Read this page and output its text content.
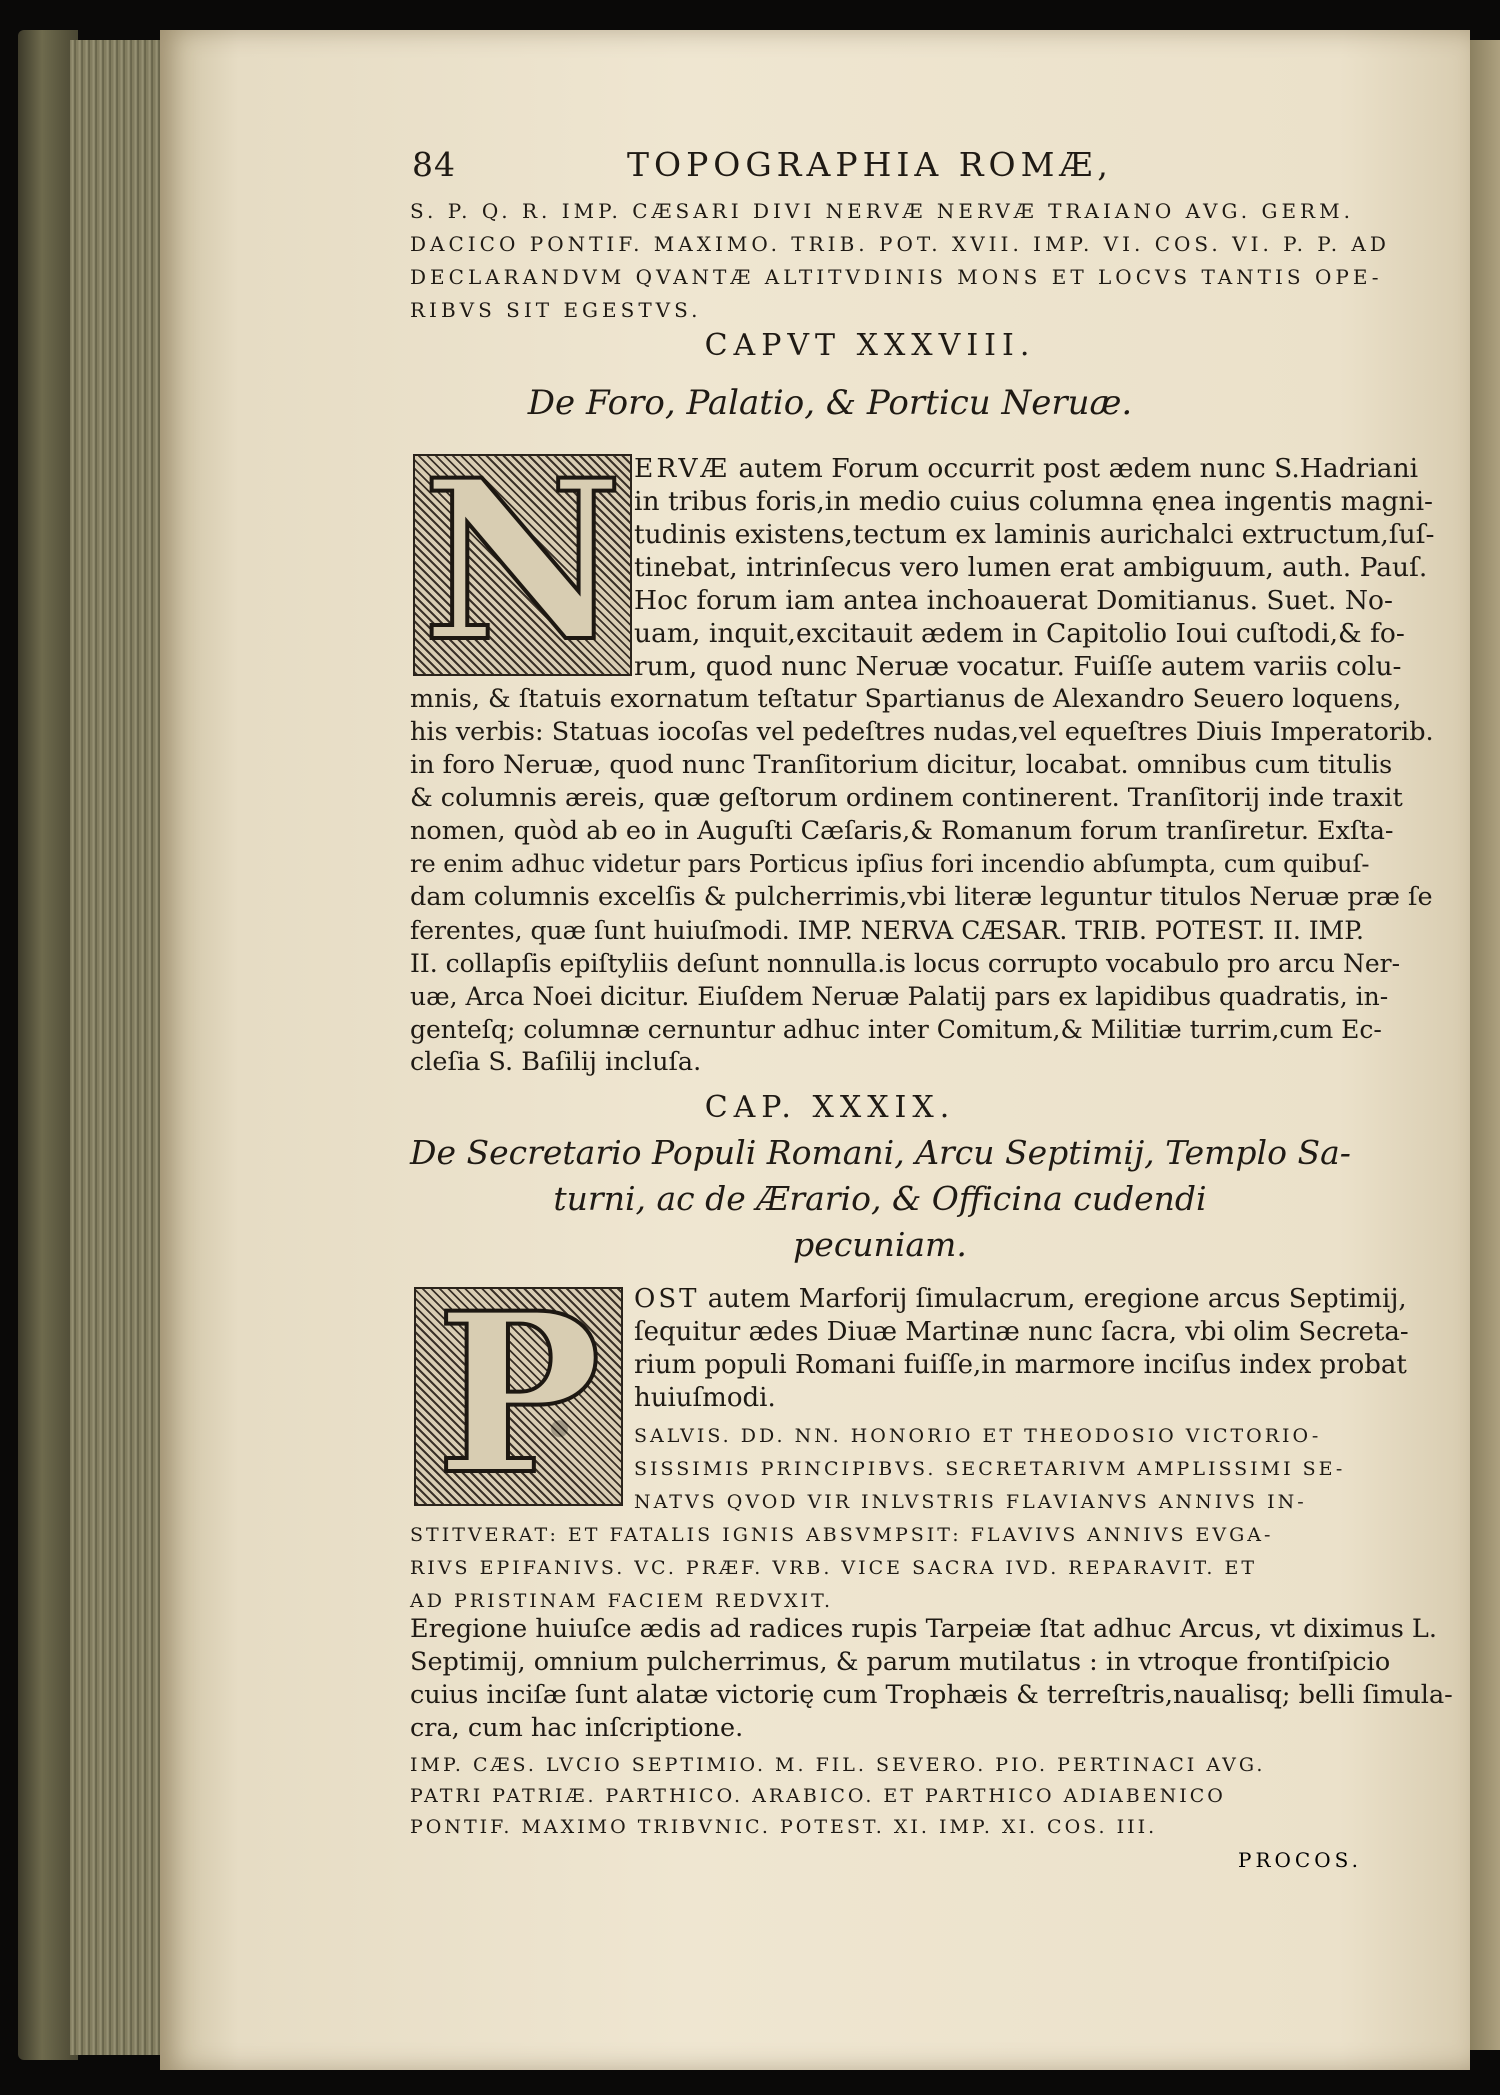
84	TOPOGRAPHIA ROMÆ,
S. P. Q. R. IMP. CÆSARI DIVI NERVÆ NERVÆ TRAIANO AVG. GERM.
DACICO PONTIF. MAXIMO. TRIB. POT. XVII. IMP. VI. COS. VI. P. P. AD
DECLARANDVM QVANTÆ ALTITVDINIS MONS ET LOCVS TANTIS OPE-
RIBVS SIT EGESTVS.
CAPVT XXXVIII.
De Foro, Palatio, & Porticu Neruæ.
N ERVÆ autem Forum occurrit post ædem nunc S.Hadriani
in tribus foris,in medio cuius columna ęnea ingentis magni-
tudinis existens,tectum ex laminis aurichalci extructum,ſuſ-
tinebat, intrinſecus vero lumen erat ambiguum, auth. Pauſ.
Hoc forum iam antea inchoauerat Domitianus. Suet. No-
uam, inquit,excitauit ædem in Capitolio Ioui cuſtodi,& fo-
rum, quod nunc Neruæ vocatur. Fuiſſe autem variis colu-
mnis, & ſtatuis exornatum teſtatur Spartianus de Alexandro Seuero loquens,
his verbis: Statuas iocoſas vel pedeſtres nudas,vel equeſtres Diuis Imperatorib.
in foro Neruæ, quod nunc Tranſitorium dicitur, locabat. omnibus cum titulis
& columnis æreis, quæ geſtorum ordinem continerent. Tranſitorij inde traxit
nomen, quòd ab eo in Auguſti Cæſaris,& Romanum forum tranſiretur. Exſta-
re enim adhuc videtur pars Porticus ipſius fori incendio abſumpta, cum quibuſ-
dam columnis excelſis & pulcherrimis,vbi literæ leguntur titulos Neruæ præ ſe
ferentes, quæ ſunt huiuſmodi. IMP. NERVA CÆSAR. TRIB. POTEST. II. IMP.
II. collapſis epiſtyliis deſunt nonnulla.is locus corrupto vocabulo pro arcu Ner-
uæ, Arca Noei dicitur. Eiuſdem Neruæ Palatij pars ex lapidibus quadratis, in-
genteſq; columnæ cernuntur adhuc inter Comitum,& Militiæ turrim,cum Ec-
cleſia S. Baſilij incluſa.
CAP. XXXIX.
De Secretario Populi Romani, Arcu Septimij, Templo Sa-
turni, ac de Ærario, & Officina cudendi
pecuniam.
P	OST autem Marforij ſimulacrum, eregione arcus Septimij,
ſequitur ædes Diuæ Martinæ nunc ſacra, vbi olim Secreta-
rium populi Romani fuiſſe,in marmore inciſus index probat
huiuſmodi.
SALVIS. DD. NN. HONORIO ET THEODOSIO VICTORIO-
SISSIMIS PRINCIPIBVS. SECRETARIVM AMPLISSIMI SE-
NATVS QVOD VIR INLVSTRIS FLAVIANVS ANNIVS IN-
STITVERAT: ET FATALIS IGNIS ABSVMPSIT: FLAVIVS ANNIVS EVGA-
RIVS EPIFANIVS. VC. PRÆF. VRB. VICE SACRA IVD. REPARAVIT. ET
AD PRISTINAM FACIEM REDVXIT.
Eregione huiuſce ædis ad radices rupis Tarpeiæ ſtat adhuc Arcus, vt diximus L.
Septimij, omnium pulcherrimus, & parum mutilatus : in vtroque frontiſpicio
cuius inciſæ ſunt alatæ victorię cum Trophæis & terreſtris,naualisq; belli ſimula-
cra, cum hac inſcriptione.
IMP. CÆS. LVCIO SEPTIMIO. M. FIL. SEVERO. PIO. PERTINACI AVG.
PATRI PATRIÆ. PARTHICO. ARABICO. ET PARTHICO ADIABENICO
PONTIF. MAXIMO TRIBVNIC. POTEST. XI. IMP. XI. COS. III.
PROCOS.
